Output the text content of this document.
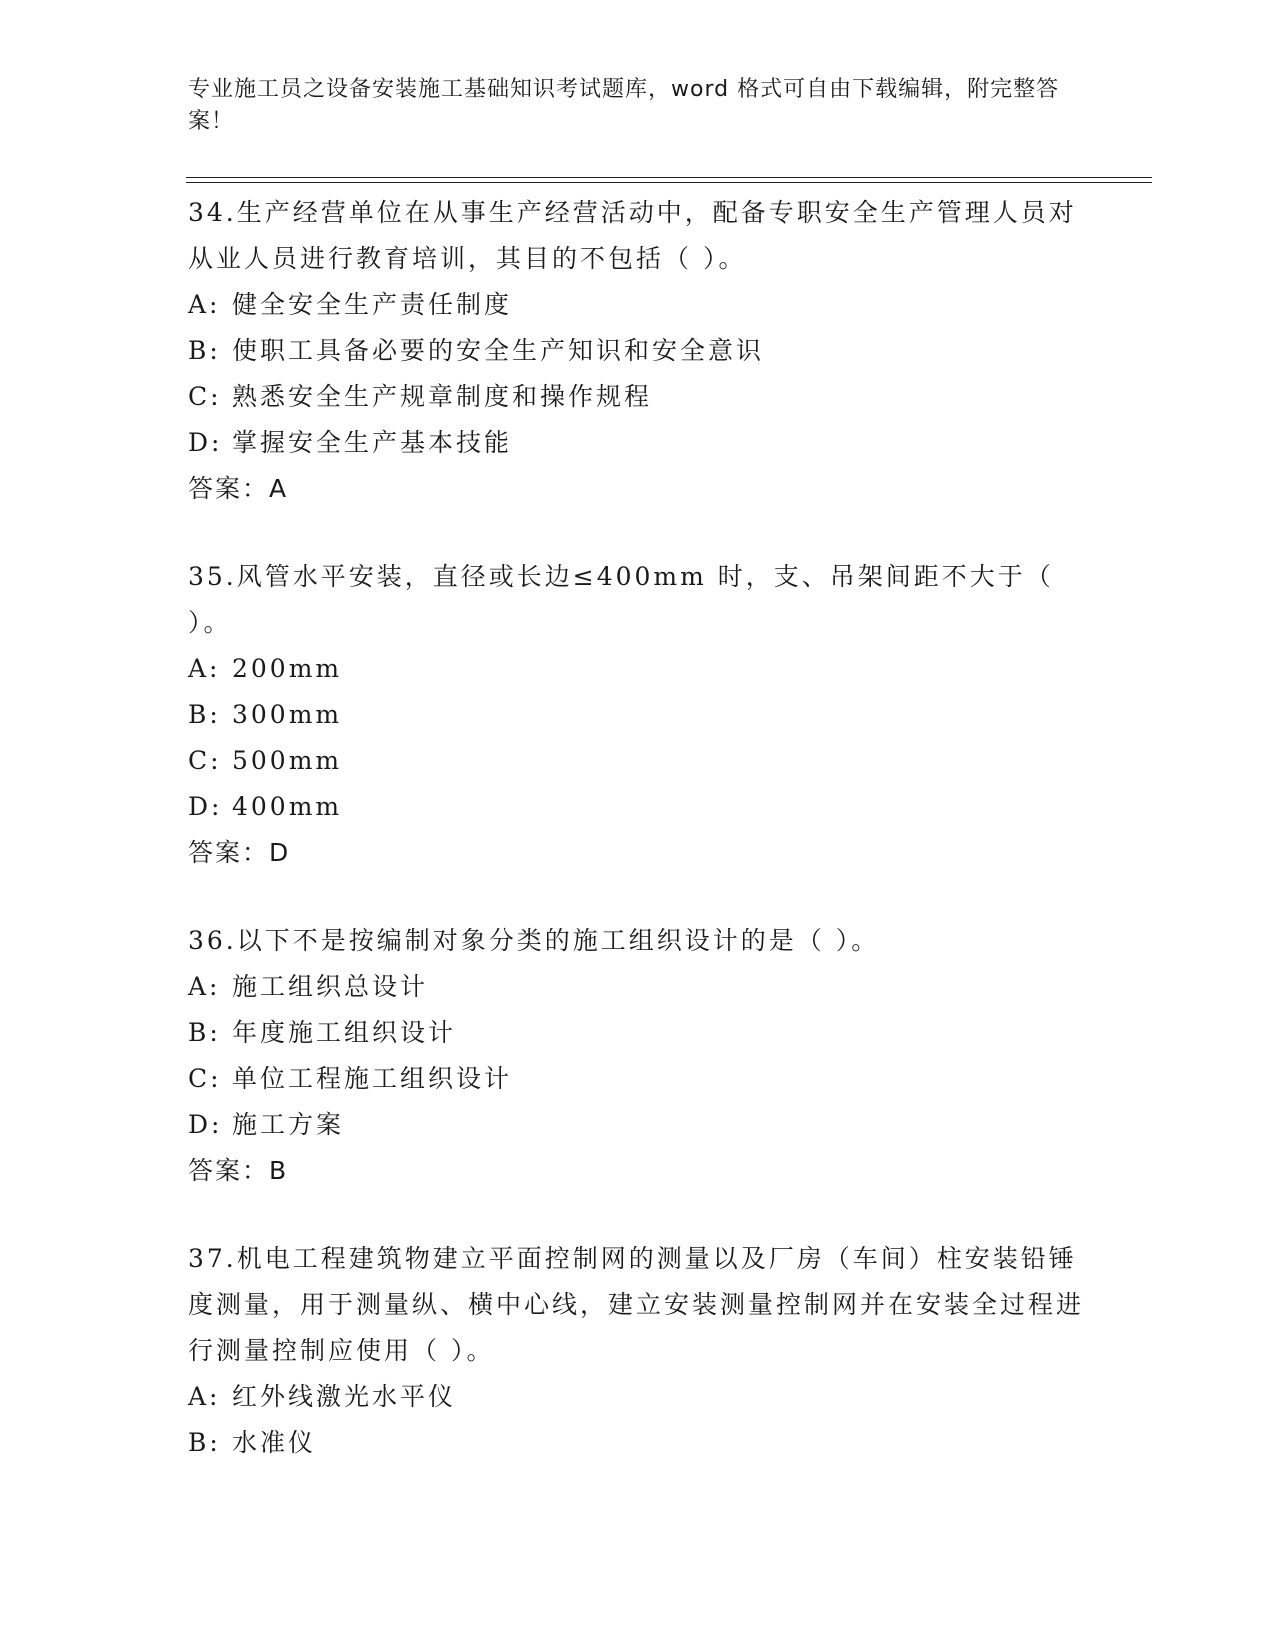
专业施工员之设备安装施工基础知识考试题库，word 格式可自由下载编辑，附完整答案！
34.生产经营单位在从事生产经营活动中，配备专职安全生产管理人员对从业人员进行教育培训，其目的不包括（ ）。
A: 健全安全生产责任制度
B: 使职工具备必要的安全生产知识和安全意识
C: 熟悉安全生产规章制度和操作规程
D: 掌握安全生产基本技能
答案：A
35.风管水平安装，直径或长边≤400mm 时，支、吊架间距不大于（ ）。
A: 200mm
B: 300mm
C: 500mm
D: 400mm
答案：D
36.以下不是按编制对象分类的施工组织设计的是（ ）。
A: 施工组织总设计
B: 年度施工组织设计
C: 单位工程施工组织设计
D: 施工方案
答案：B
37.机电工程建筑物建立平面控制网的测量以及厂房（车间）柱安装铅锤度测量，用于测量纵、横中心线，建立安装测量控制网并在安装全过程进行测量控制应使用（ ）。
A: 红外线激光水平仪
B: 水准仪
